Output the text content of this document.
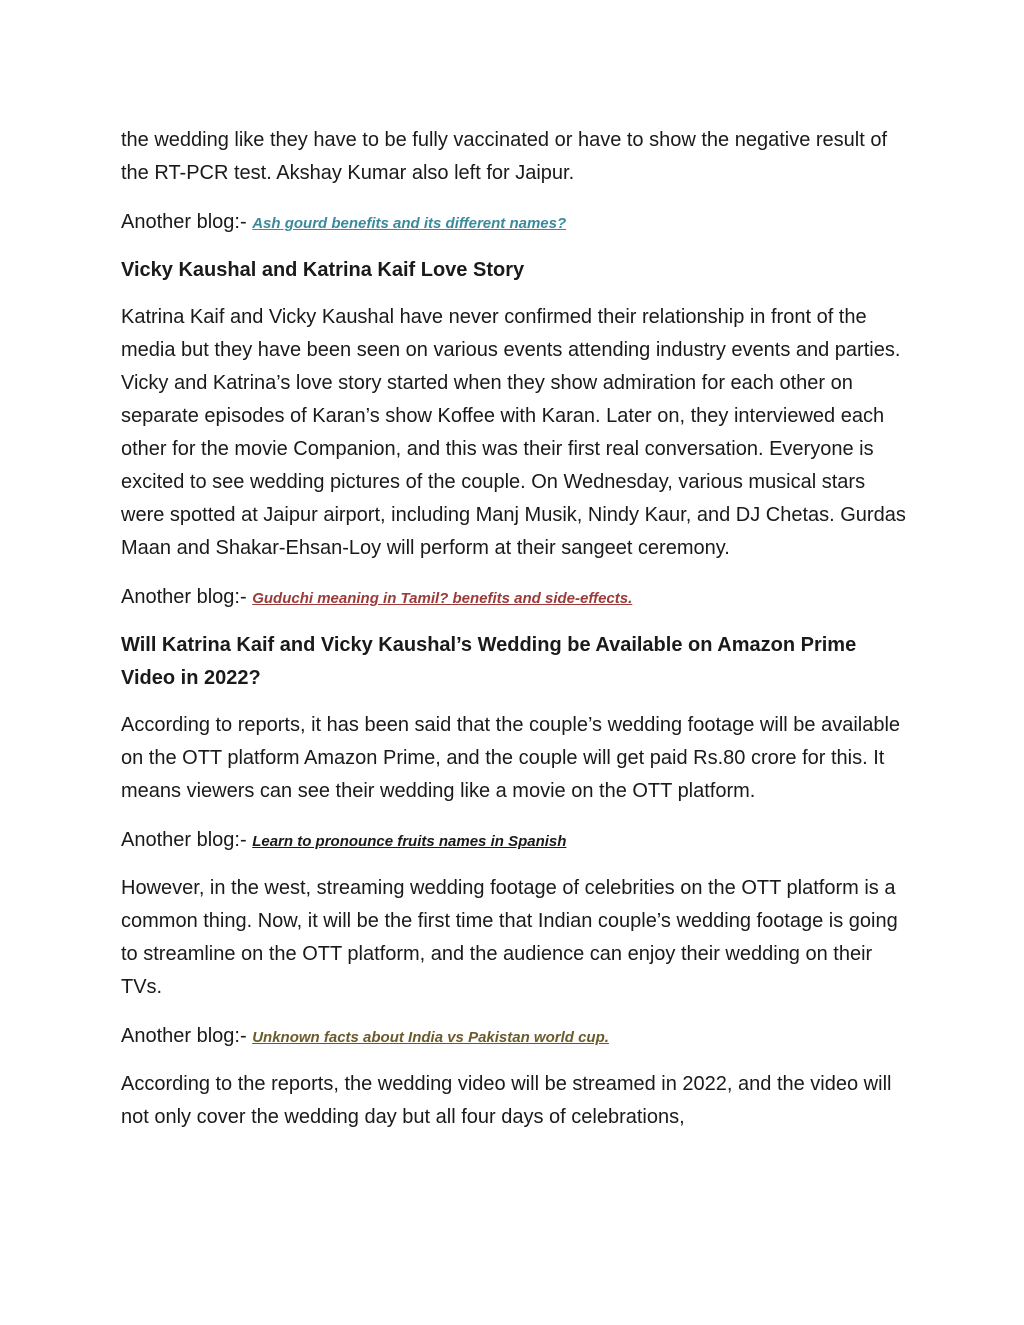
the wedding like they have to be fully vaccinated or have to show the negative result of the RT-PCR test. Akshay Kumar also left for Jaipur.

Another blog:- Ash gourd benefits and its different names?
Vicky Kaushal and Katrina Kaif Love Story

Katrina Kaif and Vicky Kaushal have never confirmed their relationship in front of the media but they have been seen on various events attending industry events and parties. Vicky and Katrina’s love story started when they show admiration for each other on separate episodes of Karan’s show Koffee with Karan. Later on, they interviewed each other for the movie Companion, and this was their first real conversation. Everyone is excited to see wedding pictures of the couple. On Wednesday, various musical stars were spotted at Jaipur airport, including Manj Musik, Nindy Kaur, and DJ Chetas. Gurdas Maan and Shakar-Ehsan-Loy will perform at their sangeet ceremony.

Another blog:- Guduchi meaning in Tamil? benefits and side-effects.
Will Katrina Kaif and Vicky Kaushal’s Wedding be Available on Amazon Prime Video in 2022?

According to reports, it has been said that the couple’s wedding footage will be available on the OTT platform Amazon Prime, and the couple will get paid Rs.80 crore for this. It means viewers can see their wedding like a movie on the OTT platform.

Another blog:- Learn to pronounce fruits names in Spanish

However, in the west, streaming wedding footage of celebrities on the OTT platform is a common thing. Now, it will be the first time that Indian couple’s wedding footage is going to streamline on the OTT platform, and the audience can enjoy their wedding on their TVs.

Another blog:- Unknown facts about India vs Pakistan world cup.

According to the reports, the wedding video will be streamed in 2022, and the video will not only cover the wedding day but all four days of celebrations,
